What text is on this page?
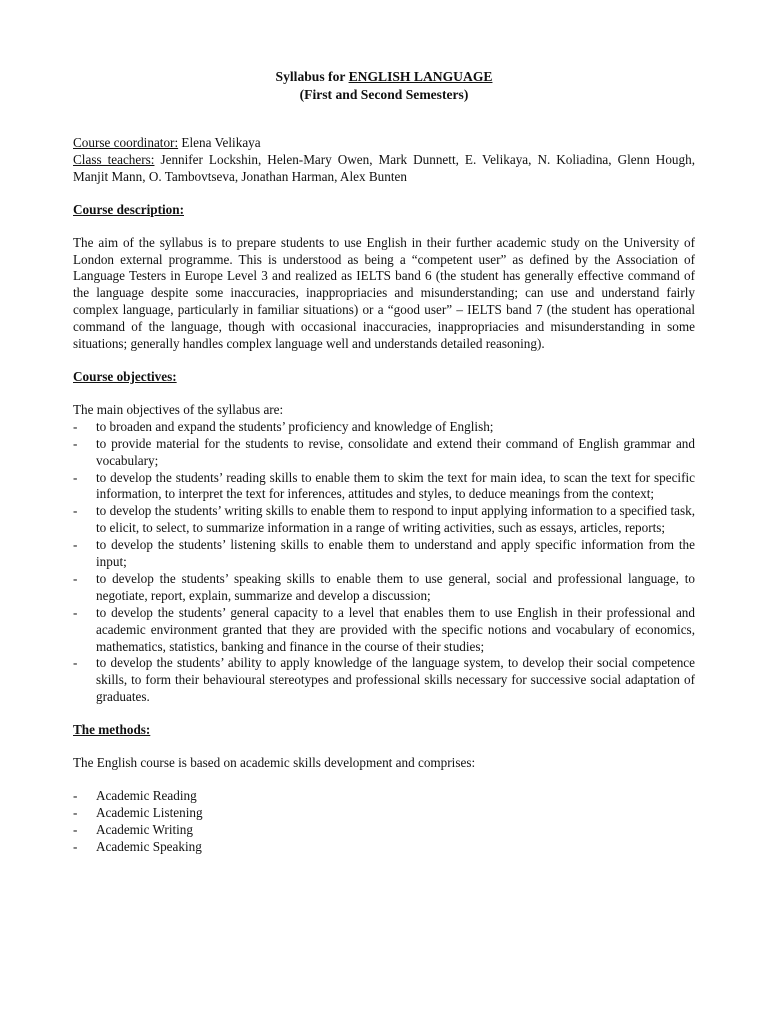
Syllabus for ENGLISH LANGUAGE
(First and Second Semesters)
Course coordinator: Elena Velikaya
Class teachers: Jennifer Lockshin, Helen-Mary Owen, Mark Dunnett, E. Velikaya, N. Koliadina, Glenn Hough, Manjit Mann, O. Tambovtseva, Jonathan Harman, Alex Bunten
Course description:
The aim of the syllabus is to prepare students to use English in their further academic study on the University of London external programme. This is understood as being a “competent user” as defined by the Association of Language Testers in Europe Level 3 and realized as IELTS band 6 (the student has generally effective command of the language despite some inaccuracies, inappropriacies and misunderstanding; can use and understand fairly complex language, particularly in familiar situations) or a “good user” – IELTS band 7 (the student has operational command of the language, though with occasional inaccuracies, inappropriacies and misunderstanding in some situations; generally handles complex language well and understands detailed reasoning).
Course objectives:
The main objectives of the syllabus are:
- to broaden and expand the students’ proficiency and knowledge of English;
- to provide material for the students to revise, consolidate and extend their command of English grammar and vocabulary;
- to develop the students’ reading skills to enable them to skim the text for main idea, to scan the text for specific information, to interpret the text for inferences, attitudes and styles, to deduce meanings from the context;
- to develop the students’ writing skills to enable them to respond to input applying information to a specified task, to elicit, to select, to summarize information in a range of writing activities, such as essays, articles, reports;
- to develop the students’ listening skills to enable them to understand and apply specific information from the input;
- to develop the students’ speaking skills to enable them to use general, social and professional language, to negotiate, report, explain, summarize and develop a discussion;
- to develop the students’ general capacity to a level that enables them to use English in their professional and academic environment granted that they are provided with the specific notions and vocabulary of economics, mathematics, statistics, banking and finance in the course of their studies;
- to develop the students’ ability to apply knowledge of the language system, to develop their social competence skills, to form their behavioural stereotypes and professional skills necessary for successive social adaptation of graduates.
The methods:
The English course is based on academic skills development and comprises:
- Academic Reading
- Academic Listening
- Academic Writing
- Academic Speaking
